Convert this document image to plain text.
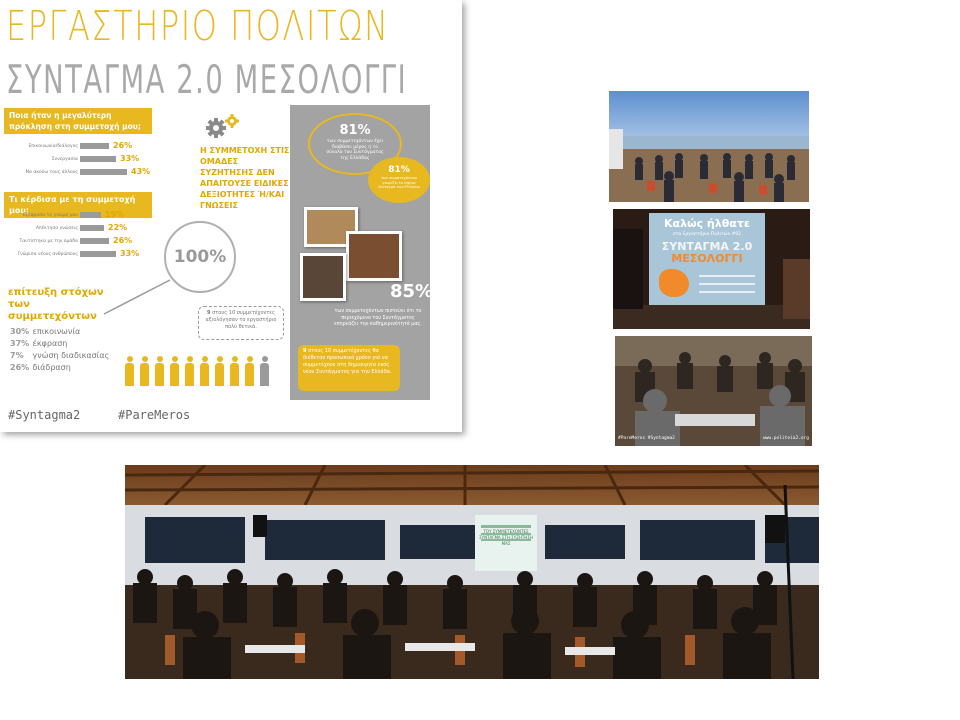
ΕΡΓΑΣΤΗΡΙΟ ΠΟΛΙΤΩΝ
ΣΥΝΤΑΓΜΑ 2.0 ΜΕΣΟΛΟΓΓΙ
Ποια ήταν η μεγαλύτερη πρόκληση στη συμμετοχή μου;
Επικοινωνία/διάλογος	26%
Συνεργασία	33%
Να ακούω τους άλλους	43%
Τι κέρδισα με τη συμμετοχή μου;
Εξέφρασα τη γνώμη μου	19%
Απέκτησα γνώσεις	22%
Ταυτίστηκα με την ομάδα	26%
Γνώρισα νέους ανθρώπους	33%
Η ΣΥΜΜΕΤΟΧΗ ΣΤΙΣ ΟΜΑΔΕΣ ΣΥΖΗΤΗΣΗΣ ΔΕΝ ΑΠΑΙΤΟΥΣΕ ΕΙΔΙΚΕΣ ΔΕΞΙΟΤΗΤΕΣ Ή/ΚΑΙ ΓΝΩΣΕΙΣ
100%
επίτευξη στόχων των συμμετεχόντων
30% επικοινωνία
37% έκφραση
7% γνώση διαδικασίας
26% διάδραση
9 στους 10 συμμετέχοντες αξιολόγησαν το εργαστήριο πολύ θετικά.
81%
των συμμετεχόντων έχει διαβάσει μέρος ή το σύνολο του Συντάγματος της Ελλάδας
81%
των συμμετεχόντων γνωρίζει το ισχύον Σύνταγμα των Ελλήνων
85%
των συμμετεχόντων πιστεύει ότι το περιεχόμενο του Συντάγματος επηρεάζει την καθημερινότητά μας.
9 στους 10 συμμετέχοντες θα διέθεταν προσωπικό χρόνο για να συμμετέχουν στη δημιουργία ενός νέου Συντάγματος για την Ελλάδα.
#Syntagma2	#PareMeros
Καλώς ήλθατε
στο Εργαστήριο Πολιτών #02
ΣΥΝΤΑΓΜΑ 2.0
ΜΕΣΟΛΟΓΓΙ
#PareMeros #Syntagma2	www.politeia2.org
ΤΟΥ ΣΥΜΜΕΤΕΧΟΝΤΕΣ
ΣΥΝΤΑΓΜΑ ΣΤΗ ΣΥΖΗΤΗΣΗ ΜΑΣ
